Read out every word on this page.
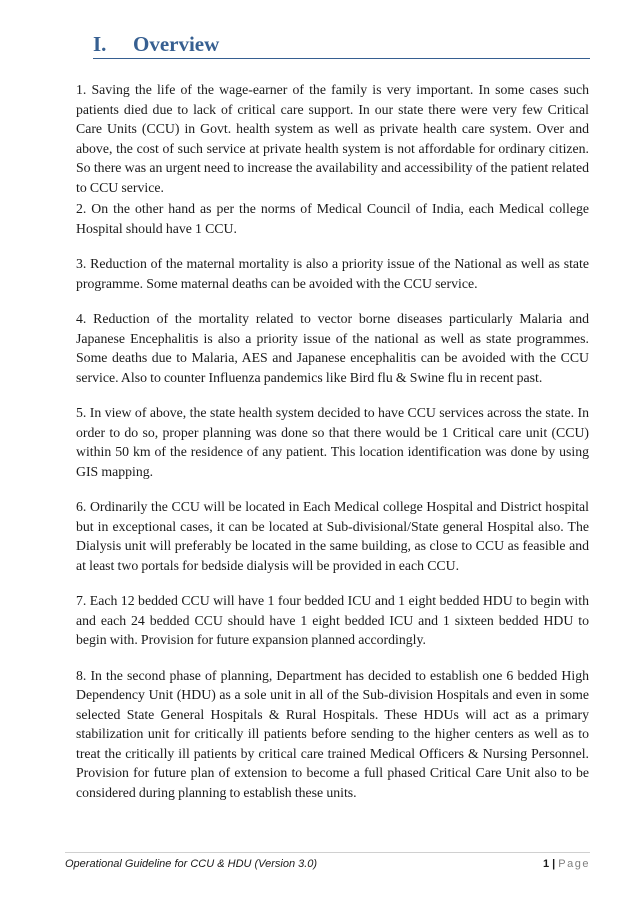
I. Overview

1. Saving the life of the wage-earner of the family is very important. In some cases such patients died due to lack of critical care support. In our state there were very few Critical Care Units (CCU) in Govt. health system as well as private health care system. Over and above, the cost of such service at private health system is not affordable for ordinary citizen. So there was an urgent need to increase the availability and accessibility of the patient related to CCU service.

2. On the other hand as per the norms of Medical Council of India, each Medical college Hospital should have 1 CCU.

3. Reduction of the maternal mortality is also a priority issue of the National as well as state programme. Some maternal deaths can be avoided with the CCU service.

4. Reduction of the mortality related to vector borne diseases particularly Malaria and Japanese Encephalitis is also a priority issue of the national as well as state programmes. Some deaths due to Malaria, AES and Japanese encephalitis can be avoided with the CCU service. Also to counter Influenza pandemics like Bird flu & Swine flu in recent past.

5. In view of above, the state health system decided to have CCU services across the state. In order to do so, proper planning was done so that there would be 1 Critical care unit (CCU) within 50 km of the residence of any patient. This location identification was done by using GIS mapping.

6. Ordinarily the CCU will be located in Each Medical college Hospital and District hospital but in exceptional cases, it can be located at Sub-divisional/State general Hospital also. The Dialysis unit will preferably be located in the same building, as close to CCU as feasible and at least two portals for bedside dialysis will be provided in each CCU.

7. Each 12 bedded CCU will have 1 four bedded ICU and 1 eight bedded HDU to begin with and each 24 bedded CCU should have 1 eight bedded ICU and 1 sixteen bedded HDU to begin with. Provision for future expansion planned accordingly.

8. In the second phase of planning, Department has decided to establish one 6 bedded High Dependency Unit (HDU) as a sole unit in all of the Sub-division Hospitals and even in some selected State General Hospitals & Rural Hospitals. These HDUs will act as a primary stabilization unit for critically ill patients before sending to the higher centers as well as to treat the critically ill patients by critical care trained Medical Officers & Nursing Personnel. Provision for future plan of extension to become a full phased Critical Care Unit also to be considered during planning to establish these units.

Operational Guideline for CCU & HDU (Version 3.0)	1 | Page
